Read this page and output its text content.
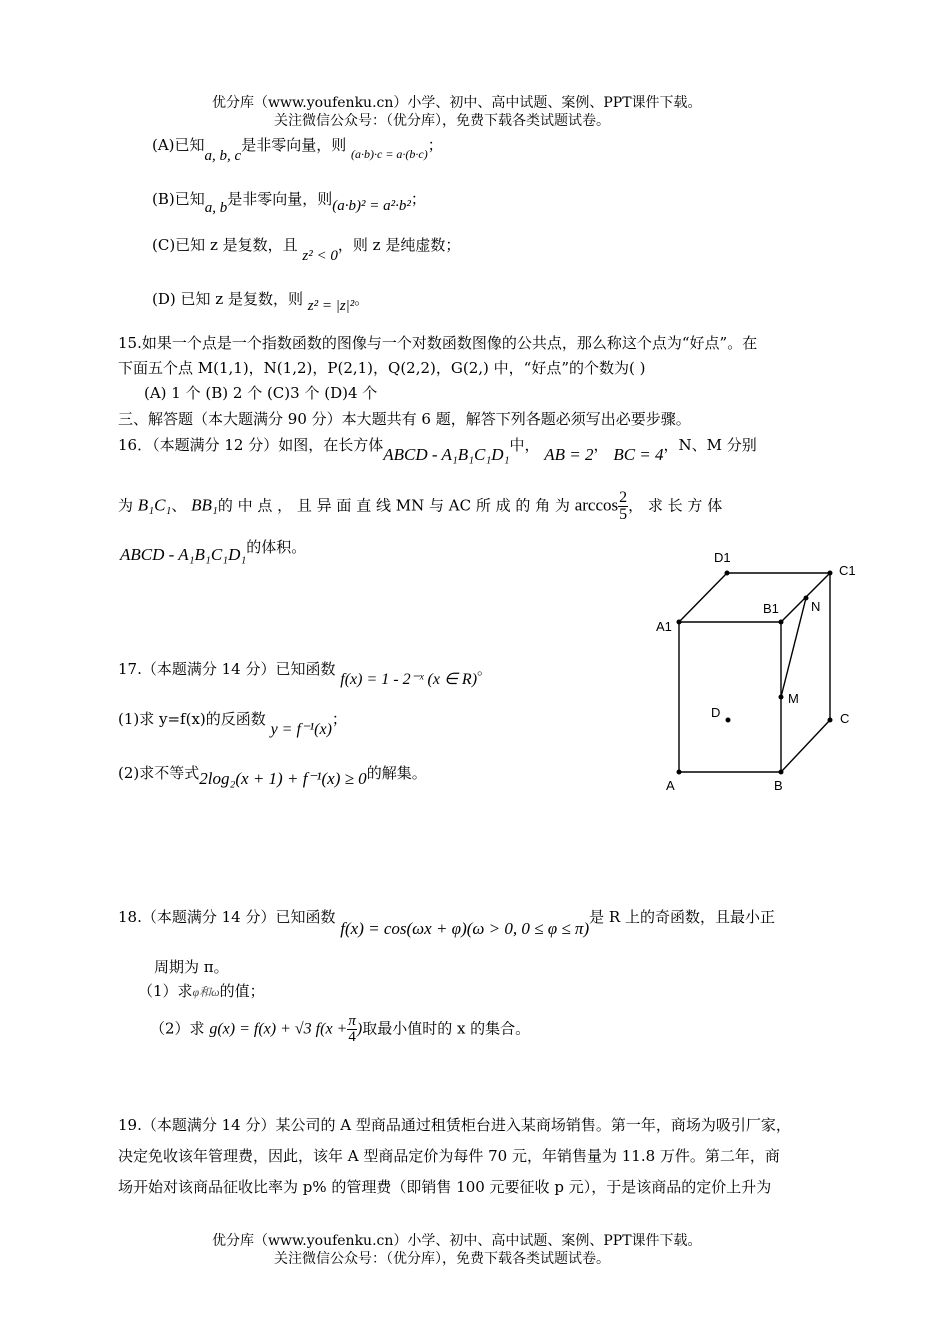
优分库（www.youfenku.cn）小学、初中、高中试题、案例、PPT课件下载。
关注微信公众号：（优分库），免费下载各类试题试卷。
(A)已知a, b, c是非零向量，则 $_{(a\cdot b)\cdot c = a\cdot(b\cdot c)}$；
(B)已知a, b是非零向量，则(a·b)² = a²·b²；
(C)已知 z 是复数，且 z² < 0，则 z 是纯虚数；
(D) 已知 z 是复数，则 z² = |z|²。
15.如果一个点是一个指数函数的图像与一个对数函数图像的公共点，那么称这个点为“好点”。在
下面五个点 M(1,1)，N(1,2)，P(2,1)，Q(2,2)，G(2,) 中，“好点”的个数为( )
(A) 1 个 (B) 2 个 (C)3 个 (D)4 个
三、解答题（本大题满分 90 分）本大题共有 6 题，解答下列各题必须写出必要步骤。
16．（本题满分 12 分）如图，在长方体ABCD - A₁B₁C₁D₁中， AB = 2， BC = 4，N、M 分别
为 B₁C₁、 BB₁的 中 点 ， 且 异 面 直 线 MN 与 AC 所 成 的 角 为 $\arccos \frac{2}{5}$ ， 求 长 方 体
ABCD - A₁B₁C₁D₁的体积。
D1
C1
B1 N
A1
M
D	C
A	B
17.（本题满分 14 分）已知函数 f(x) = 1 - 2⁻ˣ (x ∈ R)。
(1)求 y=f(x)的反函数 y = f⁻¹(x)；
(2)求不等式2log₂(x + 1) + f⁻¹(x) ≥ 0的解集。
18.（本题满分 14 分）已知函数 f(x) = cos(ωx + φ)(ω > 0, 0 ≤ φ ≤ π)是 R 上的奇函数，且最小正
周期为 π。
（1）求φ和ω的值；
（2）求 g(x) = f(x) + √3 $f(x + \frac{\pi}{4}$ )取最小值时的 x 的集合。
19.（本题满分 14 分）某公司的 A 型商品通过租赁柜台进入某商场销售。第一年，商场为吸引厂家，
决定免收该年管理费，因此，该年 A 型商品定价为每件 70 元，年销售量为 11.8 万件。第二年，商
场开始对该商品征收比率为 p% 的管理费（即销售 100 元要征收 p 元），于是该商品的定价上升为
优分库（www.youfenku.cn）小学、初中、高中试题、案例、PPT课件下载。
关注微信公众号：（优分库），免费下载各类试题试卷。
